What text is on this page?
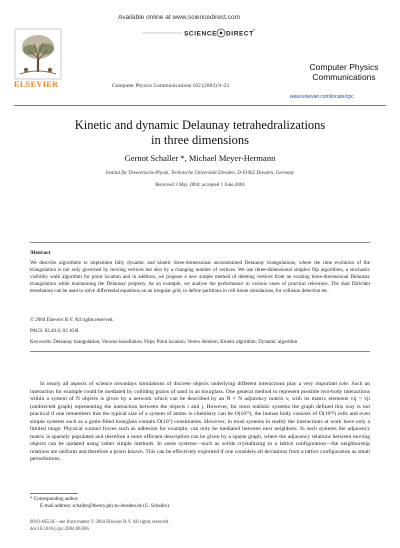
Available online at www.sciencedirect.com
SCIENCE DIRECT
®
ELSEVIER
Computer Physics
Communications
Computer Physics Communications 162 (2004) 9–23
www.elsevier.com/locate/cpc
Kinetic and dynamic Delaunay tetrahedralizations
in three dimensions
Gernot Schaller *, Michael Meyer-Hermann
Institut für Theoretische Physik, Technische Universität Dresden, D-01062 Dresden, Germany
Received 3 May 2004; accepted 1 June 2004
Abstract
We describe algorithms to implement fully dynamic and kinetic three-dimensional unconstrained Delaunay triangulations, where the time evolution of the triangulation is not only governed by moving vertices but also by a changing number of vertices. We use three-dimensional simplex flip algorithms, a stochastic visibility walk algorithm for point location and in addition, we propose a new simple method of deleting vertices from an existing three-dimensional Delaunay triangulation while maintaining the Delaunay property. As an example, we analyse the performance in various cases of practical relevance. The dual Dirichlet tessellation can be used to solve differential equations on an irregular grid, to define partitions in cell tissue simulations, for collision detection etc.
© 2004 Elsevier B.V. All rights reserved.
PACS: 02.40.S; 02.10.R
Keywords: Delaunay triangulation; Voronoi tessellation; Flips; Point location; Vertex deletion; Kinetic algorithm; Dynamic algorithm

In nearly all aspects of science nowadays simulations of discrete objects underlying different interactions play a very important role. Such an interaction for example could be mediated by colliding grains of sand in an hourglass. One general method to represent possible two-body interactions within a system of N objects is given by a network which can be described by an N × N adjacency matrix v, with its matrix elements vij = vji (undirected graph) representing the interaction between the objects i and j. However, for most realistic systems the graph defined this way is not practical if one remembers that the typical size of a system of atoms in chemistry can be O(10²³), the human body consists of O(10¹⁸) cells and even simple systems such as a grain-filled hourglass contain O(10⁷) constituents. However, in most systems in reality the interactions at work have only a limited range. Physical contact forces such as adhesion for example, can only be mediated between next neighbors. In such systems the adjacency matrix is sparsely populated and therefore a more efficient description can be given by a sparse graph, where the adjacency relations between moving objects can be updated using rather simple methods. In some systems—such as solids crystallizing in a lattice configuration—the neighborship relations are uniform and therefore a priori known. This can be effectively exploited if one considers all deviations from a lattice configuration as small perturbations.

* Corresponding author.
E-mail address: schaller@theory.phy.tu-dresden.de (G. Schaller).
0010-4655/$ – see front matter © 2004 Elsevier B.V. All rights reserved.
doi:10.1016/j.cpc.2004.06.066
